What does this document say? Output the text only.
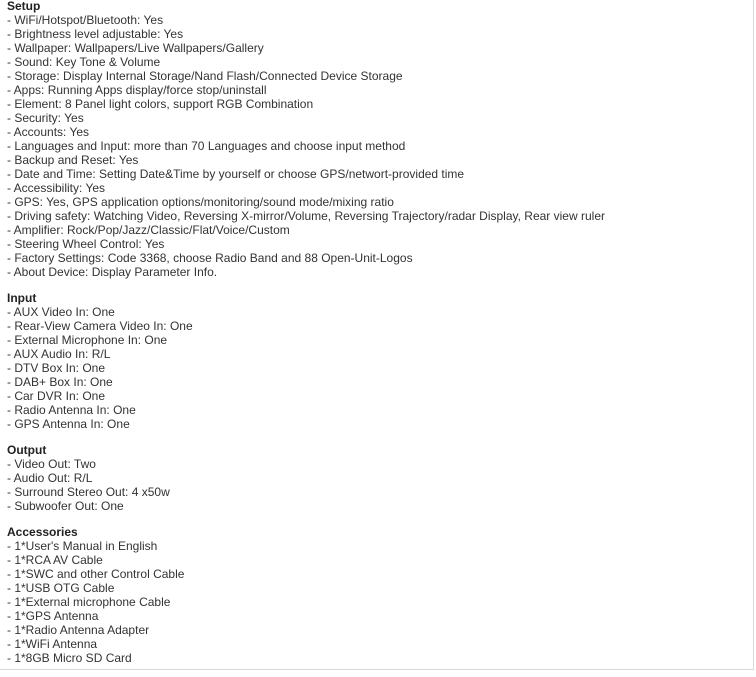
Setup
- WiFi/Hotspot/Bluetooth: Yes
- Brightness level adjustable: Yes
- Wallpaper: Wallpapers/Live Wallpapers/Gallery
- Sound: Key Tone & Volume
- Storage: Display Internal Storage/Nand Flash/Connected Device Storage
- Apps: Running Apps display/force stop/uninstall
- Element: 8 Panel light colors, support RGB Combination
- Security: Yes
- Accounts: Yes
- Languages and Input: more than 70 Languages and choose input method
- Backup and Reset: Yes
- Date and Time: Setting Date&Time by yourself or choose GPS/networt-provided time
- Accessibility: Yes
- GPS: Yes, GPS application options/monitoring/sound mode/mixing ratio
- Driving safety: Watching Video, Reversing X-mirror/Volume, Reversing Trajectory/radar Display, Rear view ruler
- Amplifier: Rock/Pop/Jazz/Classic/Flat/Voice/Custom
- Steering Wheel Control: Yes
- Factory Settings: Code 3368, choose Radio Band and 88 Open-Unit-Logos
- About Device: Display Parameter Info.
Input
- AUX Video In: One
- Rear-View Camera Video In: One
- External Microphone In: One
- AUX Audio In: R/L
- DTV Box In: One
- DAB+ Box In: One
- Car DVR In: One
- Radio Antenna In: One
- GPS Antenna In: One
Output
- Video Out: Two
- Audio Out: R/L
- Surround Stereo Out: 4 x50w
- Subwoofer Out: One
Accessories
- 1*User's Manual in English
- 1*RCA AV Cable
- 1*SWC and other Control Cable
- 1*USB OTG Cable
- 1*External microphone Cable
- 1*GPS Antenna
- 1*Radio Antenna Adapter
- 1*WiFi Antenna
- 1*8GB Micro SD Card
